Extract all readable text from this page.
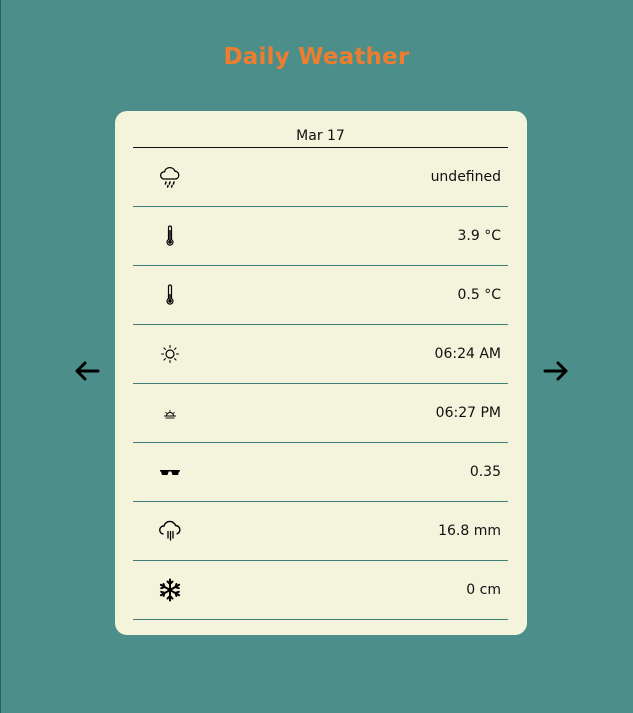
Daily Weather
Mar 17
undefined
3.9 °C
0.5 °C
06:24 AM
06:27 PM
0.35
16.8 mm
0 cm
